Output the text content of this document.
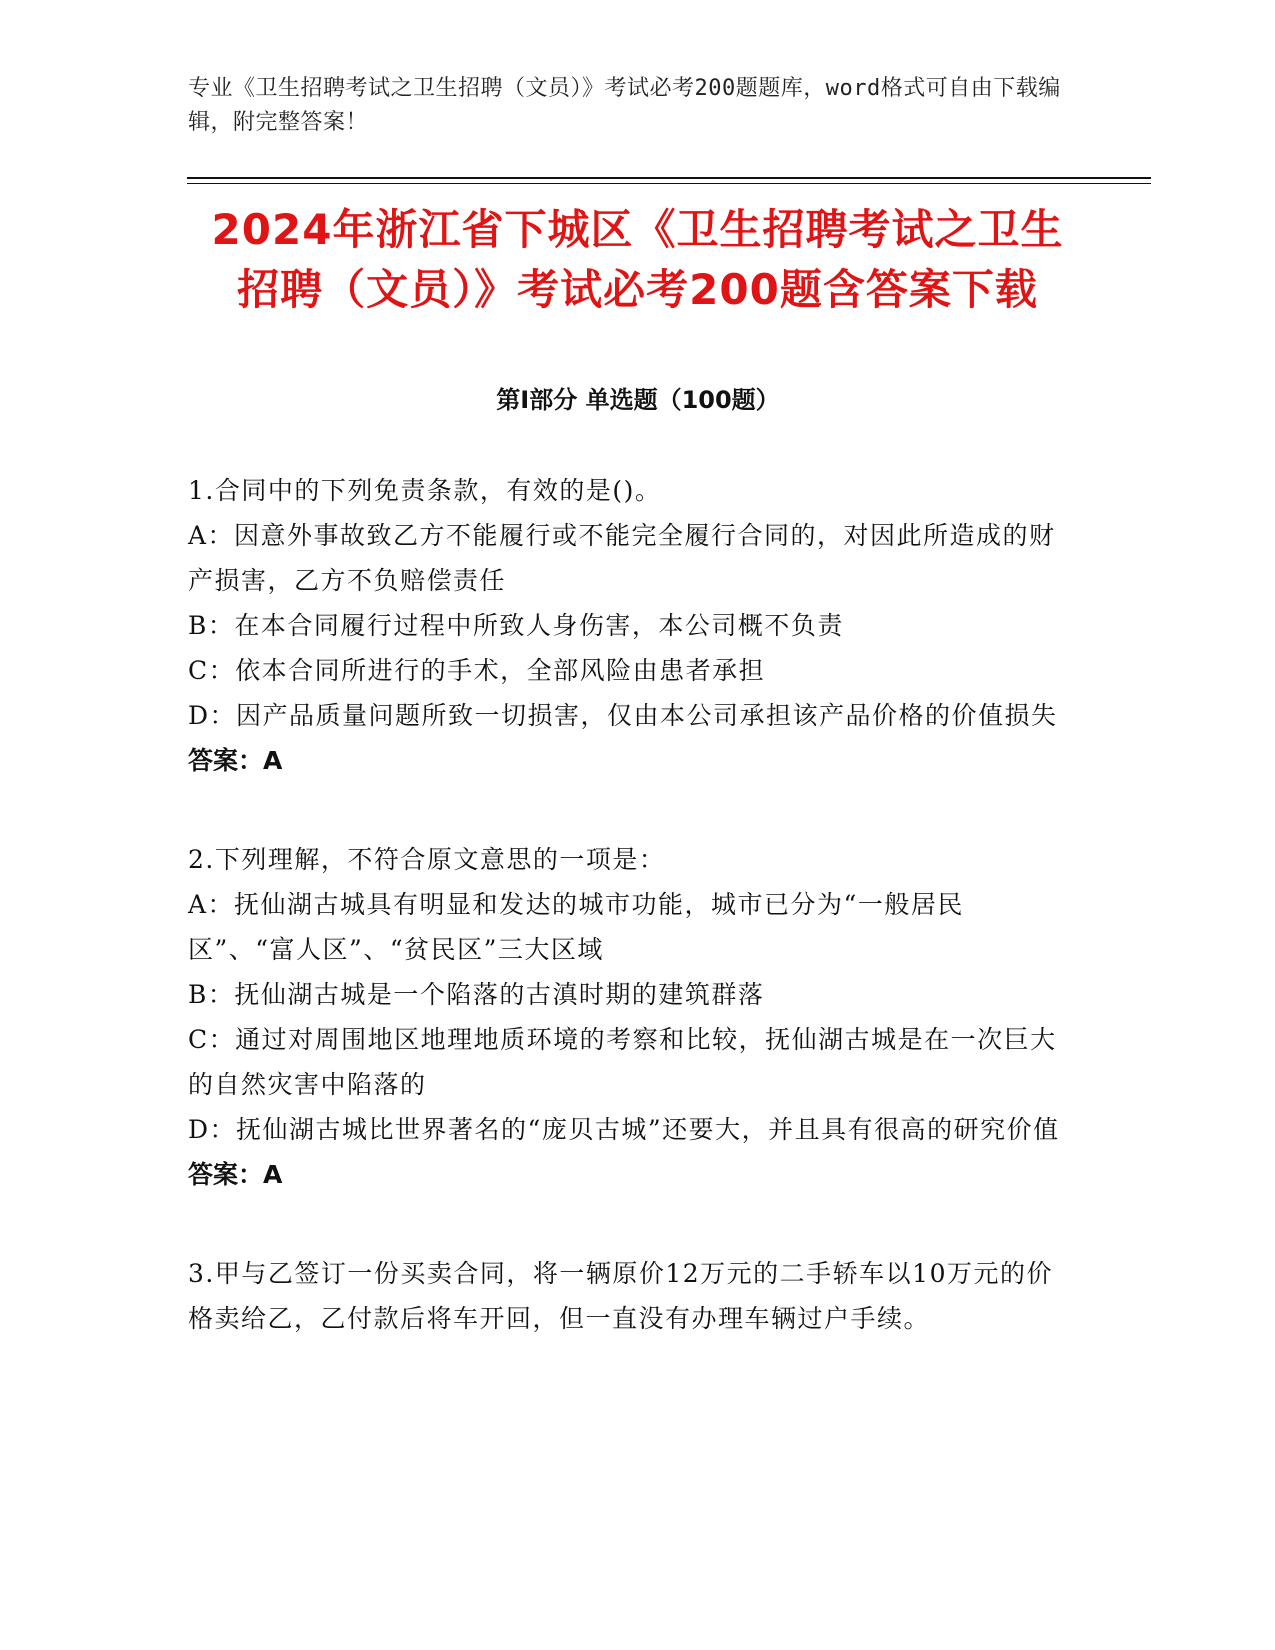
专业《卫生招聘考试之卫生招聘（文员）》考试必考200题题库，word格式可自由下载编辑，附完整答案！
2024年浙江省下城区《卫生招聘考试之卫生
招聘（文员）》考试必考200题含答案下载
第Ⅰ部分 单选题（100题）
1.合同中的下列免责条款，有效的是()。
A：因意外事故致乙方不能履行或不能完全履行合同的，对因此所造成的财产损害，乙方不负赔偿责任
B：在本合同履行过程中所致人身伤害，本公司概不负责
C：依本合同所进行的手术，全部风险由患者承担
D：因产品质量问题所致一切损害，仅由本公司承担该产品价格的价值损失
答案：A
2.下列理解，不符合原文意思的一项是：
A：抚仙湖古城具有明显和发达的城市功能，城市已分为“一般居民区”、“富人区”、“贫民区”三大区域
B：抚仙湖古城是一个陷落的古滇时期的建筑群落
C：通过对周围地区地理地质环境的考察和比较，抚仙湖古城是在一次巨大的自然灾害中陷落的
D：抚仙湖古城比世界著名的“庞贝古城”还要大，并且具有很高的研究价值
答案：A
3.甲与乙签订一份买卖合同，将一辆原价12万元的二手轿车以10万元的价格卖给乙，乙付款后将车开回，但一直没有办理车辆过户手续。
